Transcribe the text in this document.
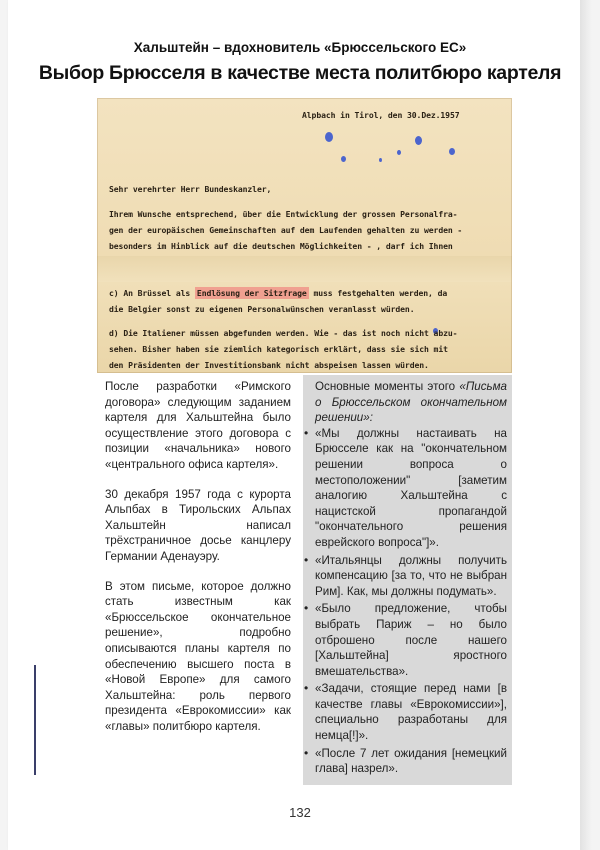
Хальштейн – вдохновитель «Брюссельского ЕС»
Выбор Брюсселя в качестве места политбюро картеля
Alpbach in Tirol, den 30.Dez.1957
Sehr verehrter Herr Bundeskanzler,
Ihrem Wunsche entsprechend, über die Entwicklung der grossen Personalfra-
gen der europäischen Gemeinschaften auf dem Laufenden gehalten zu werden -
besonders im Hinblick auf die deutschen Möglichkeiten - , darf ich Ihnen
c) An Brüssel als Endlösung der Sitzfrage muss festgehalten werden, da
die Belgier sonst zu eigenen Personalwünschen veranlasst würden.
d) Die Italiener müssen abgefunden werden. Wie - das ist noch nicht abzu-
sehen. Bisher haben sie ziemlich kategorisch erklärt, dass sie sich mit
den Präsidenten der Investitionsbank nicht abspeisen lassen würden.

После разработки «Римского договора» следующим заданием картеля для Хальштейна было осуществление этого договора с позиции «начальника» нового «центрального офиса картеля».

30 декабря 1957 года с курорта Альпбах в Тирольских Альпах Хальштейн написал трёхстраничное досье канцлеру Германии Аденауэру.

В этом письме, которое должно стать известным как «Брюссельское окончательное решение», подробно описываются планы картеля по обеспечению высшего поста в «Новой Европе» для самого Хальштейна: роль первого президента «Еврокомиссии» как «главы» политбюро картеля.

Основные моменты этого «Письма о Брюссельском окончательном решении»:

• «Мы должны настаивать на Брюсселе как на "окончательном решении вопроса о местоположении" [заметим аналогию Хальштейна с нацистской пропагандой "окончательного решения еврейского вопроса"]».
• «Итальянцы должны получить компенсацию [за то, что не выбран Рим]. Как, мы должны подумать».
• «Было предложение, чтобы выбрать Париж – но было отброшено после нашего [Хальштейна] яростного вмешательства».
• «Задачи, стоящие перед нами [в качестве главы «Еврокомиссии»], специально разработаны для немца[!]».
• «После 7 лет ожидания [немецкий глава] назрел».
132
